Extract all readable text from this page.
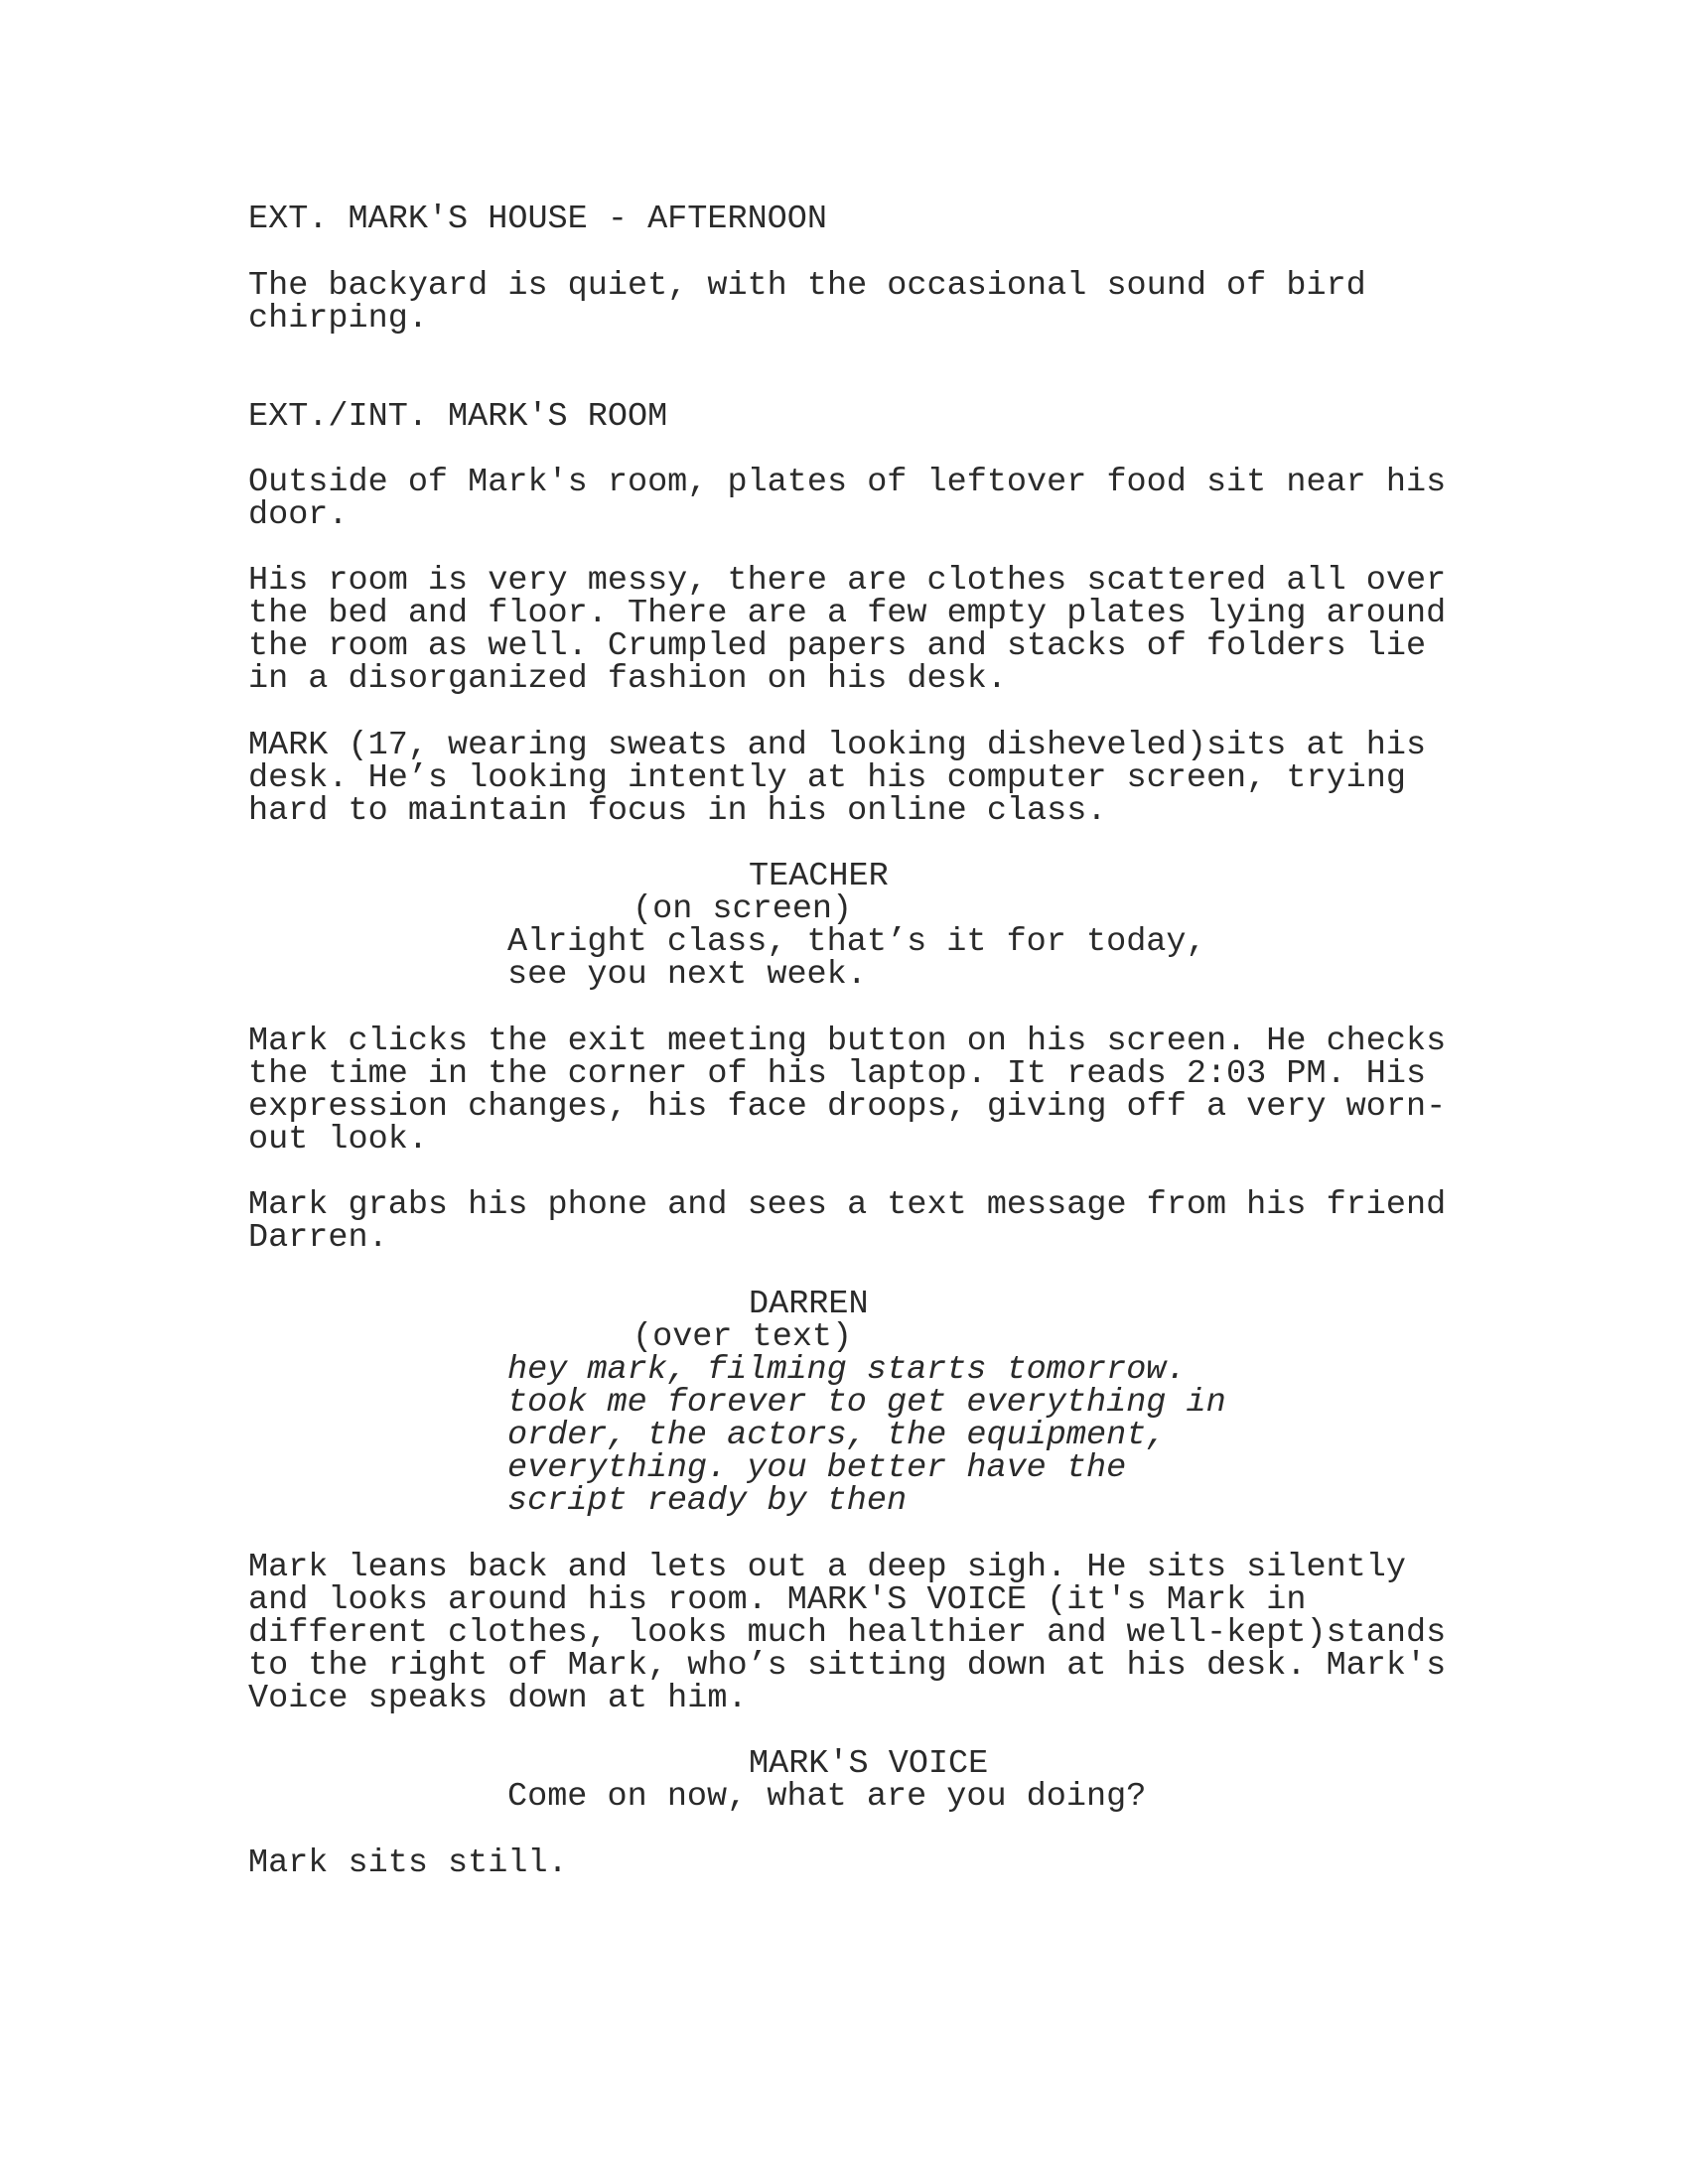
EXT. MARK'S HOUSE - AFTERNOON

The backyard is quiet, with the occasional sound of bird

chirping.

EXT./INT. MARK'S ROOM

Outside of Mark's room, plates of leftover food sit near his

door.

His room is very messy, there are clothes scattered all over

the bed and floor. There are a few empty plates lying around

the room as well. Crumpled papers and stacks of folders lie

in a disorganized fashion on his desk.

MARK (17, wearing sweats and looking disheveled)sits at his

desk. He’s looking intently at his computer screen, trying

hard to maintain focus in his online class.

TEACHER

(on screen)

Alright class, that’s it for today,

see you next week.

Mark clicks the exit meeting button on his screen. He checks

the time in the corner of his laptop. It reads 2:03 PM. His

expression changes, his face droops, giving off a very worn-

out look.

Mark grabs his phone and sees a text message from his friend

Darren.

DARREN

(over text)

hey mark, filming starts tomorrow.

took me forever to get everything in

order, the actors, the equipment,

everything. you better have the

script ready by then

Mark leans back and lets out a deep sigh. He sits silently

and looks around his room. MARK'S VOICE (it's Mark in

different clothes, looks much healthier and well-kept)stands

to the right of Mark, who’s sitting down at his desk. Mark's

Voice speaks down at him.

MARK'S VOICE

Come on now, what are you doing?

Mark sits still.
